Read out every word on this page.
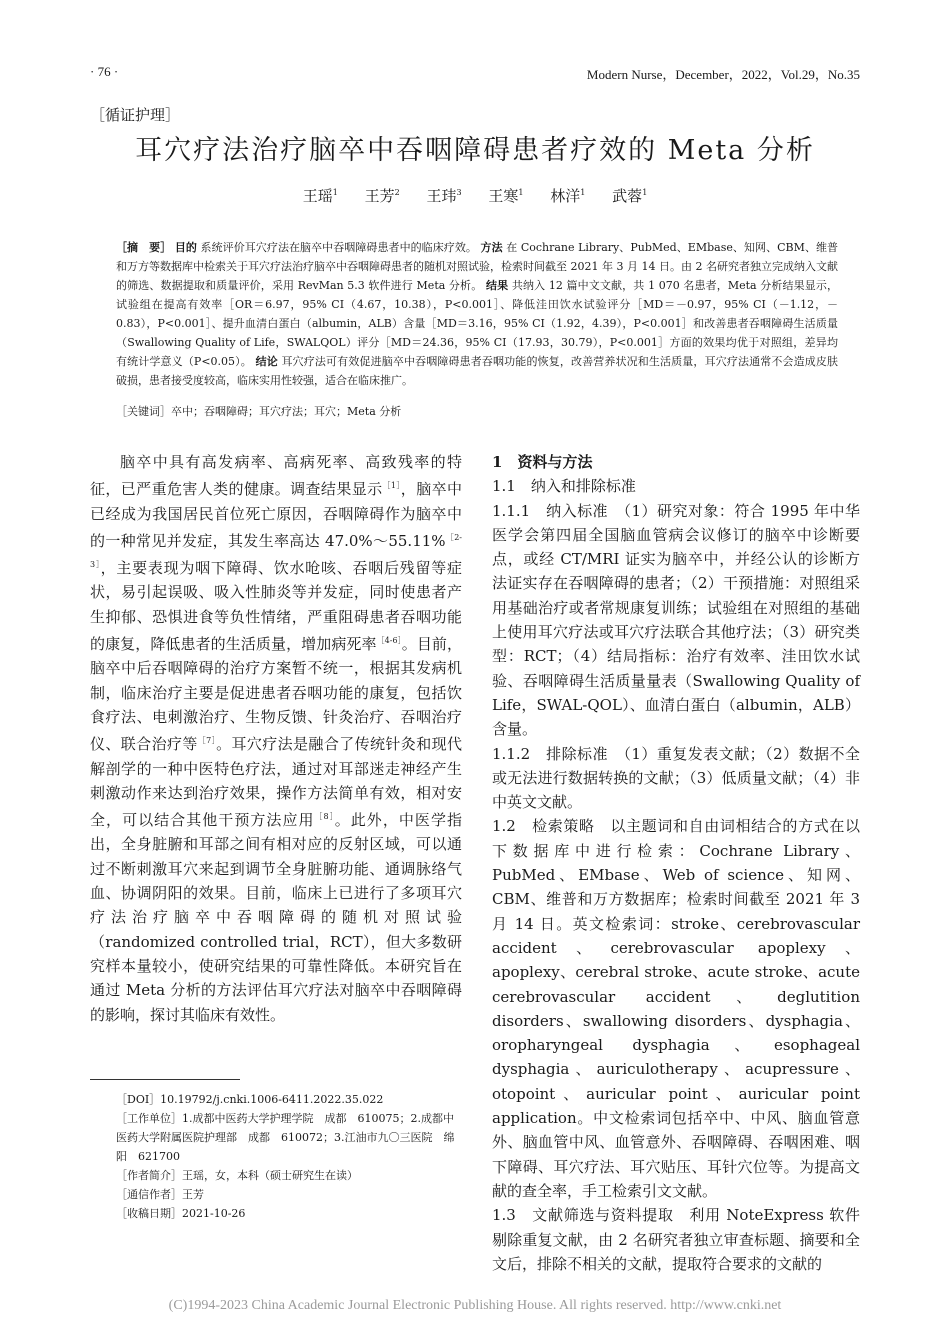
· 76 ·	Modern Nurse，December，2022，Vol.29，No.35
［循证护理］
耳穴疗法治疗脑卒中吞咽障碍患者疗效的 Meta 分析
王瑶$^1$ 王芳$^2$ 王玮$^3$ 王寒$^1$ 林洋$^1$ 武蓉$^1$
［摘　要］ 目的 系统评价耳穴疗法在脑卒中吞咽障碍患者中的临床疗效。 方法 在 Cochrane Library、PubMed、EMbase、知网、CBM、维普和万方等数据库中检索关于耳穴疗法治疗脑卒中吞咽障碍患者的随机对照试验，检索时间截至 2021 年 3 月 14 日。由 2 名研究者独立完成纳入文献的筛选、数据提取和质量评价，采用 RevMan 5.3 软件进行 Meta 分析。 结果 共纳入 12 篇中文文献，共 1 070 名患者，Meta 分析结果显示，试验组在提高有效率［OR＝6.97，95% CI（4.67，10.38），P<0.001］、降低洼田饮水试验评分［MD＝－0.97，95% CI（－1.12，－0.83），P<0.001］、提升血清白蛋白（albumin，ALB）含量［MD＝3.16，95% CI（1.92，4.39），P<0.001］和改善患者吞咽障碍生活质量（Swallowing Quality of Life，SWALQOL）评分［MD＝24.36，95% CI（17.93，30.79），P<0.001］方面的效果均优于对照组，差异均有统计学意义（P<0.05）。 结论 耳穴疗法可有效促进脑卒中吞咽障碍患者吞咽功能的恢复，改善营养状况和生活质量，耳穴疗法通常不会造成皮肤破损，患者接受度较高，临床实用性较强，适合在临床推广。
［关键词］卒中；吞咽障碍；耳穴疗法；耳穴；Meta 分析
脑卒中具有高发病率、高病死率、高致残率的特征，已严重危害人类的健康。调查结果显示$^{[1]}$，脑卒中已经成为我国居民首位死亡原因，吞咽障碍作为脑卒中的一种常见并发症，其发生率高达 47.0%～55.11%$^{[2-3]}$，主要表现为咽下障碍、饮水呛咳、吞咽后残留等症状，易引起误吸、吸入性肺炎等并发症，同时使患者产生抑郁、恐惧进食等负性情绪，严重阻碍患者吞咽功能的康复，降低患者的生活质量，增加病死率$^{[4-6]}$。目前，脑卒中后吞咽障碍的治疗方案暂不统一，根据其发病机制，临床治疗主要是促进患者吞咽功能的康复，包括饮食疗法、电刺激治疗、生物反馈、针灸治疗、吞咽治疗仪、联合治疗等$^{[7]}$。耳穴疗法是融合了传统针灸和现代解剖学的一种中医特色疗法，通过对耳部迷走神经产生刺激动作来达到治疗效果，操作方法简单有效，相对安全，可以结合其他干预方法应用$^{[8]}$。此外，中医学指出，全身脏腑和耳部之间有相对应的反射区域，可以通过不断刺激耳穴来起到调节全身脏腑功能、通调脉络气血、协调阴阳的效果。目前，临床上已进行了多项耳穴疗法治疗脑卒中吞咽障碍的随机对照试验（randomized controlled trial，RCT），但大多数研究样本量较小，使研究结果的可靠性降低。本研究旨在通过 Meta 分析的方法评估耳穴疗法对脑卒中吞咽障碍的影响，探讨其临床有效性。

1　资料与方法

1.1　纳入和排除标准

1.1.1　纳入标准　 （1）研究对象：符合 1995 年中华医学会第四届全国脑血管病会议修订的脑卒中诊断要点，或经 CT/MRI 证实为脑卒中，并经公认的诊断方法证实存在吞咽障碍的患者；（2）干预措施：对照组采用基础治疗或者常规康复训练；试验组在对照组的基础上使用耳穴疗法或耳穴疗法联合其他疗法；（3）研究类型：RCT；（4）结局指标：治疗有效率、洼田饮水试验、吞咽障碍生活质量量表（Swallowing Quality of Life，SWAL-QOL）、血清白蛋白（albumin，ALB）含量。

1.1.2　排除标准　 （1）重复发表文献；（2）数据不全或无法进行数据转换的文献；（3）低质量文献；（4）非中英文文献。

1.2　检索策略　 以主题词和自由词相结合的方式在以下数据库中进行检索：Cochrane Library、PubMed、EMbase、Web of science、知网、CBM、维普和万方数据库；检索时间截至 2021 年 3 月 14 日。英文检索词：stroke、cerebrovascular accident、cerebrovascular apoplexy、apoplexy、cerebral stroke、acute stroke、acute cerebrovascular accident、deglutition disorders、swallowing disorders、dysphagia、oropharyngeal dysphagia、esophageal dysphagia、auriculotherapy、acupressure、otopoint、auricular point、auricular point application。中文检索词包括卒中、中风、脑血管意外、脑血管中风、血管意外、吞咽障碍、吞咽困难、咽下障碍、耳穴疗法、耳穴贴压、耳针穴位等。为提高文献的查全率，手工检索引文文献。

1.3　文献筛选与资料提取　 利用 NoteExpress 软件剔除重复文献，由 2 名研究者独立审查标题、摘要和全文后，排除不相关的文献，提取符合要求的文献的

［DOI］10.19792/j.cnki.1006-6411.2022.35.022

［工作单位］1.成都中医药大学护理学院　成都　610075；2.成都中医药大学附属医院护理部　成都　610072；3.江油市九〇三医院　绵阳　621700

［作者简介］王瑶，女，本科（硕士研究生在读）

［通信作者］王芳

［收稿日期］2021-10-26

(C)1994-2023 China Academic Journal Electronic Publishing House. All rights reserved. http://www.cnki.net
